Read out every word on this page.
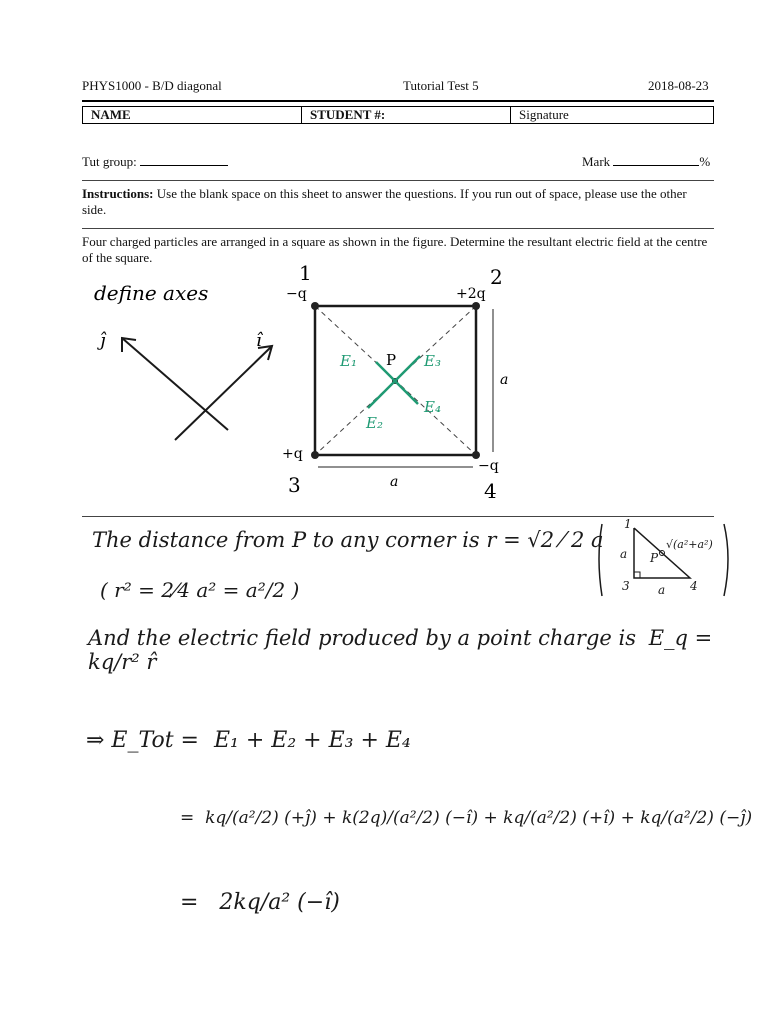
PHYS1000 - B/D diagonal	Tutorial Test 5	2018-08-23
NAME	STUDENT #:	Signature
Tut group:	Mark	%
Instructions: Use the blank space on this sheet to answer the questions. If you run out of space, please use the other side.
Four charged particles are arranged in a square as shown in the figure. Determine the resultant electric field at the centre of the square.
define axes
ĵ	î
1	2
3	4
−q	+2q
+q
−q
P
a
a
E₁
E₂
E₃
E₄
The distance from P to any corner is r = √2 ⁄ 2 a
( r² = 2⁄4 a² = a²/2 )
1
3	4
a
a
P
√(a²+a²)
And the electric field produced by a point charge is E_q = kq/r² r̂
⇒ E_Tot = E₁ + E₂ + E₃ + E₄
=  kq/(a²/2) (+ĵ) + k(2q)/(a²/2) (−î) + kq/(a²/2) (+î) + kq/(a²/2) (−ĵ)
=   2kq/a² (−î)
